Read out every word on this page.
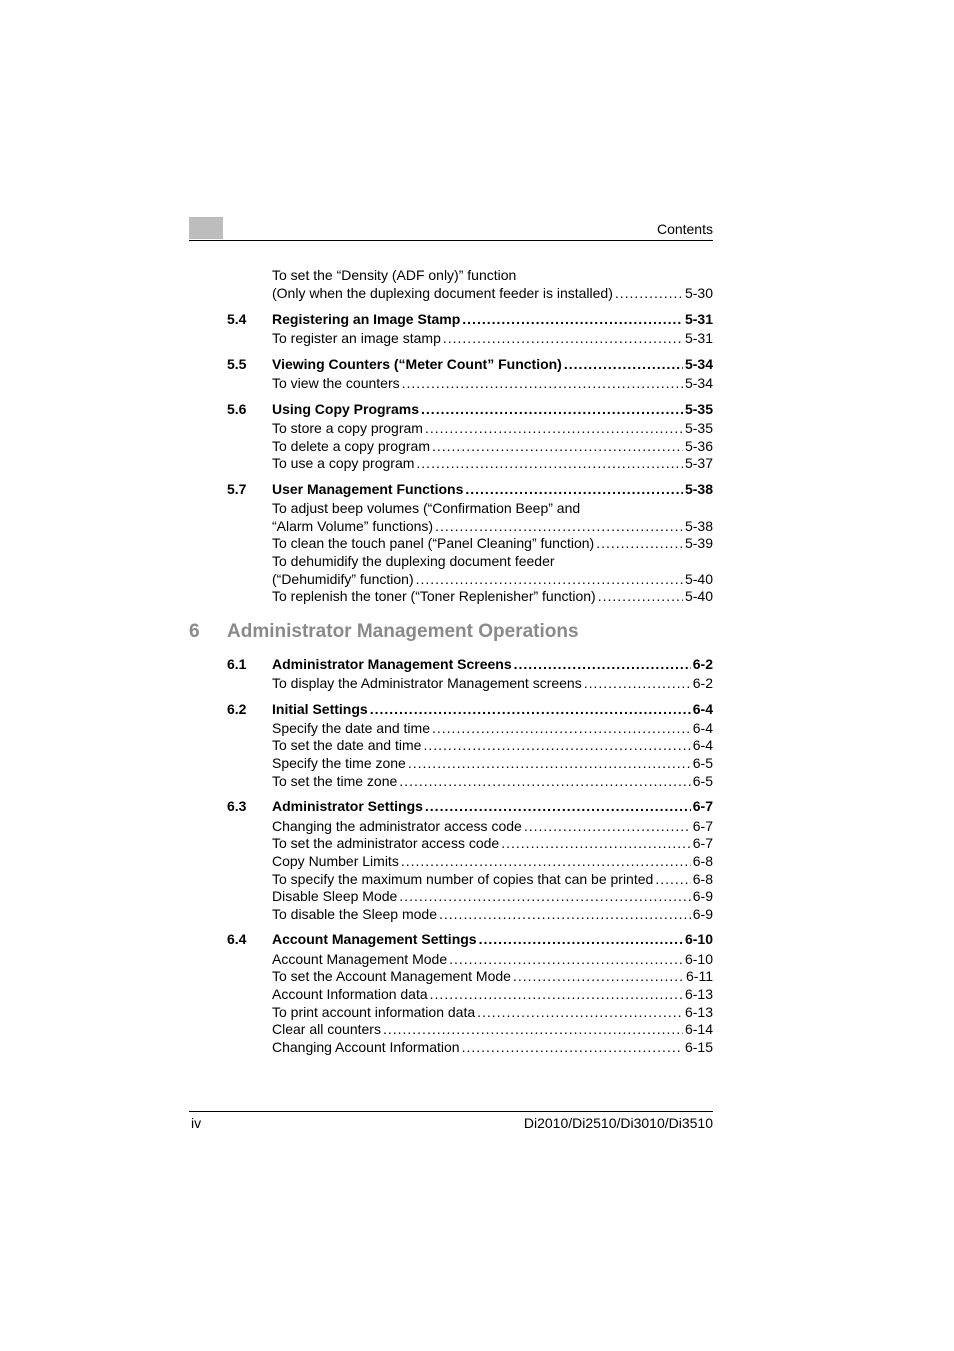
Contents
To set the “Density (ADF only)” function
(Only when the duplexing document feeder is installed) .....	5-30
5.4 Registering an Image Stamp .....	5-31
To register an image stamp .....	5-31
5.5 Viewing Counters (“Meter Count” Function) .....	5-34
To view the counters .....	5-34
5.6 Using Copy Programs .....	5-35
To store a copy program .....	5-35
To delete a copy program .....	5-36
To use a copy program .....	5-37
5.7 User Management Functions .....	5-38
To adjust beep volumes (“Confirmation Beep” and
“Alarm Volume” functions) .....	5-38
To clean the touch panel (“Panel Cleaning” function) .....	5-39
To dehumidify the duplexing document feeder
(“Dehumidify” function) .....	5-40
To replenish the toner (“Toner Replenisher” function) .....	5-40
6 Administrator Management Operations
6.1 Administrator Management Screens .....	6-2
To display the Administrator Management screens .....	6-2
6.2 Initial Settings .....	6-4
Specify the date and time .....	6-4
To set the date and time .....	6-4
Specify the time zone .....	6-5
To set the time zone .....	6-5
6.3 Administrator Settings .....	6-7
Changing the administrator access code .....	6-7
To set the administrator access code .....	6-7
Copy Number Limits .....	6-8
To specify the maximum number of copies that can be printed .....	6-8
Disable Sleep Mode .....	6-9
To disable the Sleep mode .....	6-9
6.4 Account Management Settings .....	6-10
Account Management Mode .....	6-10
To set the Account Management Mode .....	6-11
Account Information data .....	6-13
To print account information data .....	6-13
Clear all counters .....	6-14
Changing Account Information .....	6-15
iv	Di2010/Di2510/Di3010/Di3510
